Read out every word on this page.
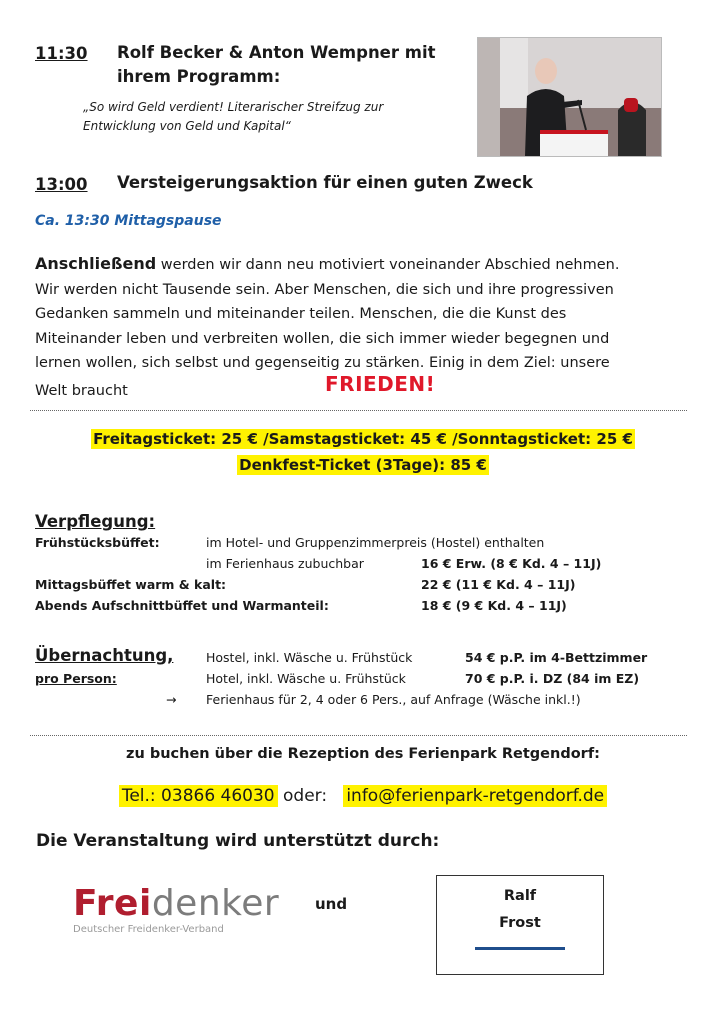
11:30 Rolf Becker & Anton Wempner mit
ihrem Programm:
„So wird Geld verdient! Literarischer Streifzug zur
Entwicklung von Geld und Kapital“
13:00 Versteigerungsaktion für einen guten Zweck
Ca. 13:30 Mittagspause
Anschließend werden wir dann neu motiviert voneinander Abschied nehmen.
Wir werden nicht Tausende sein. Aber Menschen, die sich und ihre progressiven
Gedanken sammeln und miteinander teilen. Menschen, die die Kunst des
Miteinander leben und verbreiten wollen, die sich immer wieder begegnen und
lernen wollen, sich selbst und gegenseitig zu stärken. Einig in dem Ziel: unsere
Welt braucht	FRIEDEN!
Freitagsticket: 25 € /Samstagsticket: 45 € /Sonntagsticket: 25 €
Denkfest-Ticket (3Tage): 85 €
Verpflegung:
Frühstücksbüffet:	im Hotel- und Gruppenzimmerpreis (Hostel) enthalten
im Ferienhaus zubuchbar	16 € Erw. (8 € Kd. 4 – 11J)
Mittagsbüffet warm & kalt:	22 € (11 € Kd. 4 – 11J)
Abends Aufschnittbüffet und Warmanteil:	18 € (9 € Kd. 4 – 11J)
Übernachtung,
pro Person:
Hostel, inkl. Wäsche u. Frühstück	54 € p.P. im 4-Bettzimmer
Hotel, inkl. Wäsche u. Frühstück	70 € p.P. i. DZ (84 im EZ)
→ Ferienhaus für 2, 4 oder 6 Pers., auf Anfrage (Wäsche inkl.!)
zu buchen über die Rezeption des Ferienpark Retgendorf:
Tel.: 03866 46030 oder: info@ferienpark-retgendorf.de
Die Veranstaltung wird unterstützt durch:
Freidenker
Deutscher Freidenker-Verband
und	Ralf
Frost
